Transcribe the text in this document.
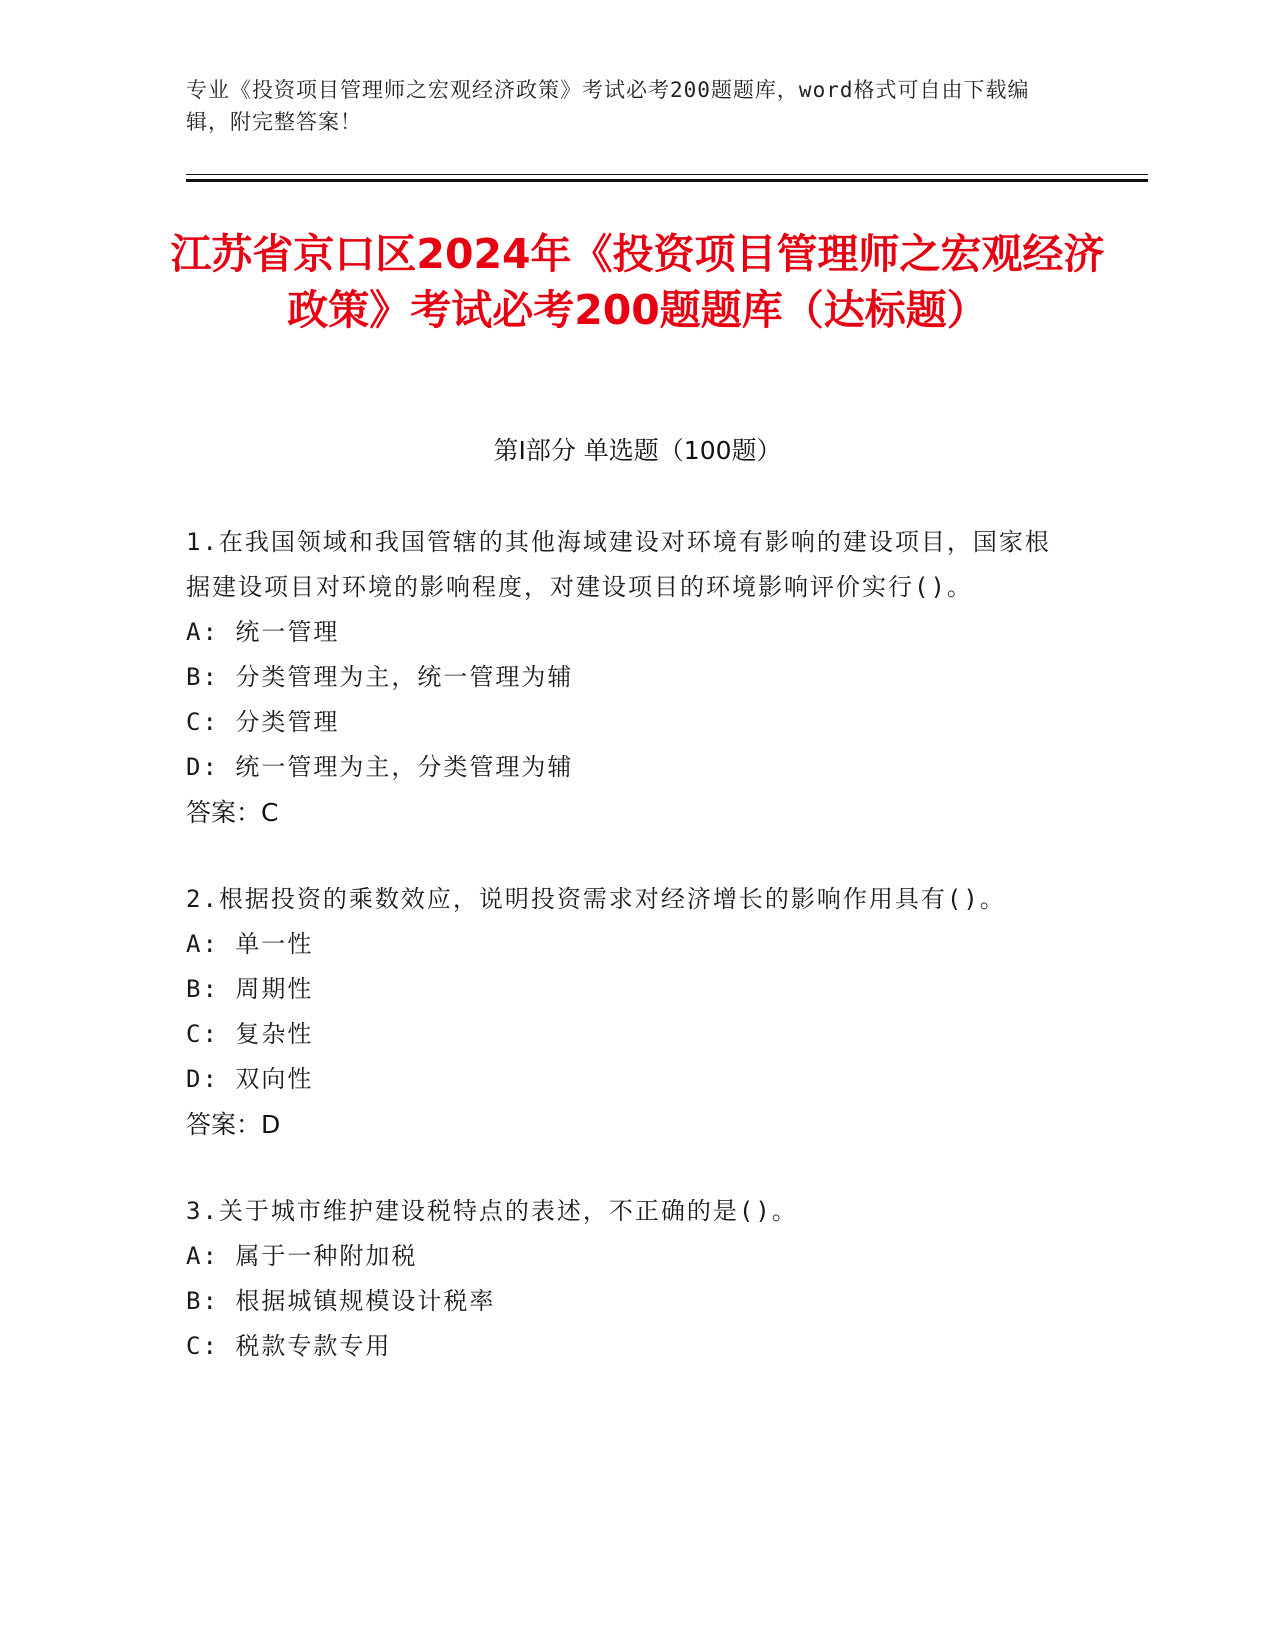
专业《投资项目管理师之宏观经济政策》考试必考200题题库，word格式可自由下载编辑，附完整答案！
江苏省京口区2024年《投资项目管理师之宏观经济政策》考试必考200题题库（达标题）
第I部分 单选题（100题）

1.在我国领域和我国管辖的其他海域建设对环境有影响的建设项目，国家根据建设项目对环境的影响程度，对建设项目的环境影响评价实行()。

A: 统一管理

B: 分类管理为主，统一管理为辅

C: 分类管理

D: 统一管理为主，分类管理为辅

答案：C

2.根据投资的乘数效应，说明投资需求对经济增长的影响作用具有()。

A: 单一性

B: 周期性

C: 复杂性

D: 双向性

答案：D

3.关于城市维护建设税特点的表述，不正确的是()。

A: 属于一种附加税

B: 根据城镇规模设计税率

C: 税款专款专用
